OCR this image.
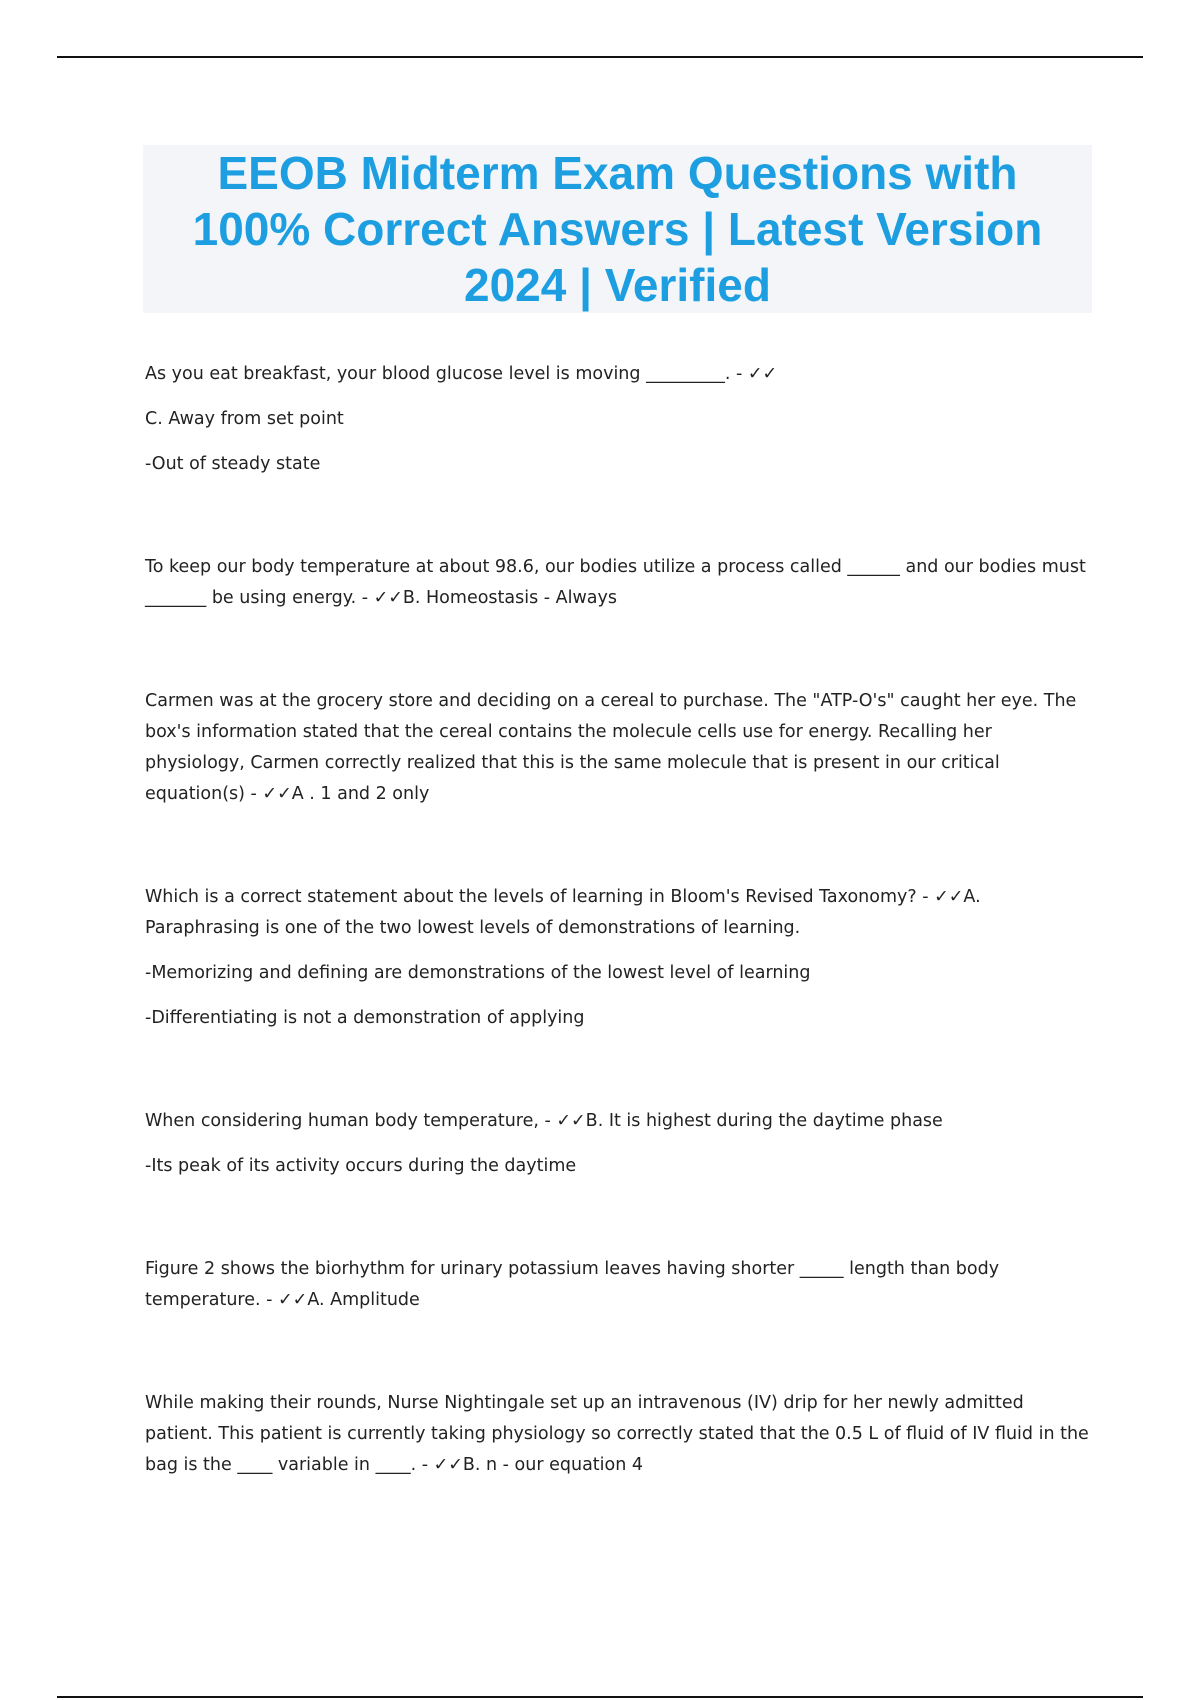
EEOB Midterm Exam Questions with 100% Correct Answers | Latest Version 2024 | Verified

As you eat breakfast, your blood glucose level is moving _________. - ✓✓

C. Away from set point

-Out of steady state

To keep our body temperature at about 98.6, our bodies utilize a process called ______ and our bodies must _______ be using energy. - ✓✓B. Homeostasis - Always

Carmen was at the grocery store and deciding on a cereal to purchase. The "ATP-O's" caught her eye. The box's information stated that the cereal contains the molecule cells use for energy. Recalling her physiology, Carmen correctly realized that this is the same molecule that is present in our critical equation(s) - ✓✓A . 1 and 2 only

Which is a correct statement about the levels of learning in Bloom's Revised Taxonomy? - ✓✓A. Paraphrasing is one of the two lowest levels of demonstrations of learning.

-Memorizing and defining are demonstrations of the lowest level of learning

-Differentiating is not a demonstration of applying

When considering human body temperature, - ✓✓B. It is highest during the daytime phase

-Its peak of its activity occurs during the daytime

Figure 2 shows the biorhythm for urinary potassium leaves having shorter _____ length than body temperature. - ✓✓A. Amplitude

While making their rounds, Nurse Nightingale set up an intravenous (IV) drip for her newly admitted patient. This patient is currently taking physiology so correctly stated that the 0.5 L of fluid of IV fluid in the bag is the ____ variable in ____. - ✓✓B. n - our equation 4
